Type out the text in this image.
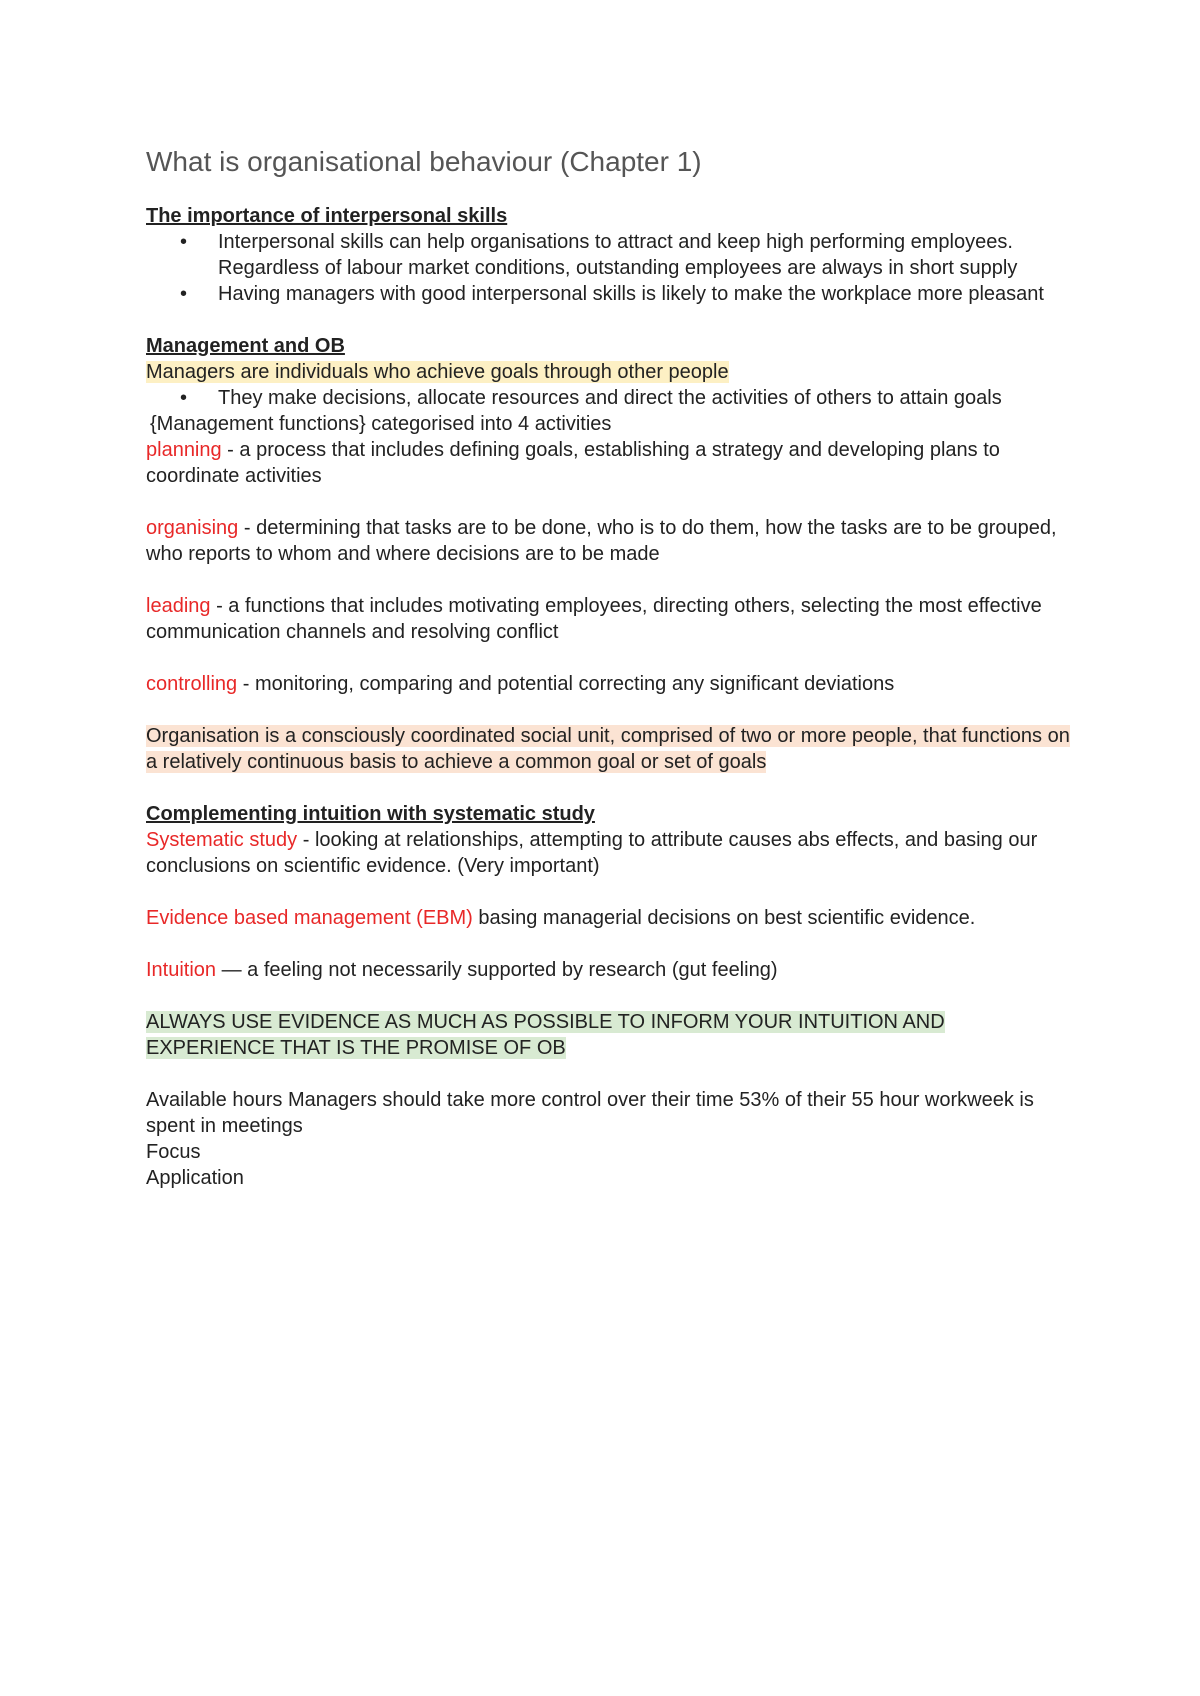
What is organisational behaviour (Chapter 1)

The importance of interpersonal skills

• Interpersonal skills can help organisations to attract and keep high performing employees. Regardless of labour market conditions, outstanding employees are always in short supply
• Having managers with good interpersonal skills is likely to make the workplace more pleasant

Management and OB

Managers are individuals who achieve goals through other people

• They make decisions, allocate resources and direct the activities of others to attain goals

{Management functions} categorised into 4 activities

planning - a process that includes defining goals, establishing a strategy and developing plans to coordinate activities

organising - determining that tasks are to be done, who is to do them, how the tasks are to be grouped, who reports to whom and where decisions are to be made

leading - a functions that includes motivating employees, directing others, selecting the most effective communication channels and resolving conflict

controlling - monitoring, comparing and potential correcting any significant deviations

Organisation is a consciously coordinated social unit, comprised of two or more people, that functions on a relatively continuous basis to achieve a common goal or set of goals

Complementing intuition with systematic study

Systematic study - looking at relationships, attempting to attribute causes abs effects, and basing our conclusions on scientific evidence. (Very important)

Evidence based management (EBM) basing managerial decisions on best scientific evidence.

Intuition — a feeling not necessarily supported by research (gut feeling)

ALWAYS USE EVIDENCE AS MUCH AS POSSIBLE TO INFORM YOUR INTUITION AND EXPERIENCE THAT IS THE PROMISE OF OB

Available hours Managers should take more control over their time 53% of their 55 hour workweek is spent in meetings

Focus

Application
